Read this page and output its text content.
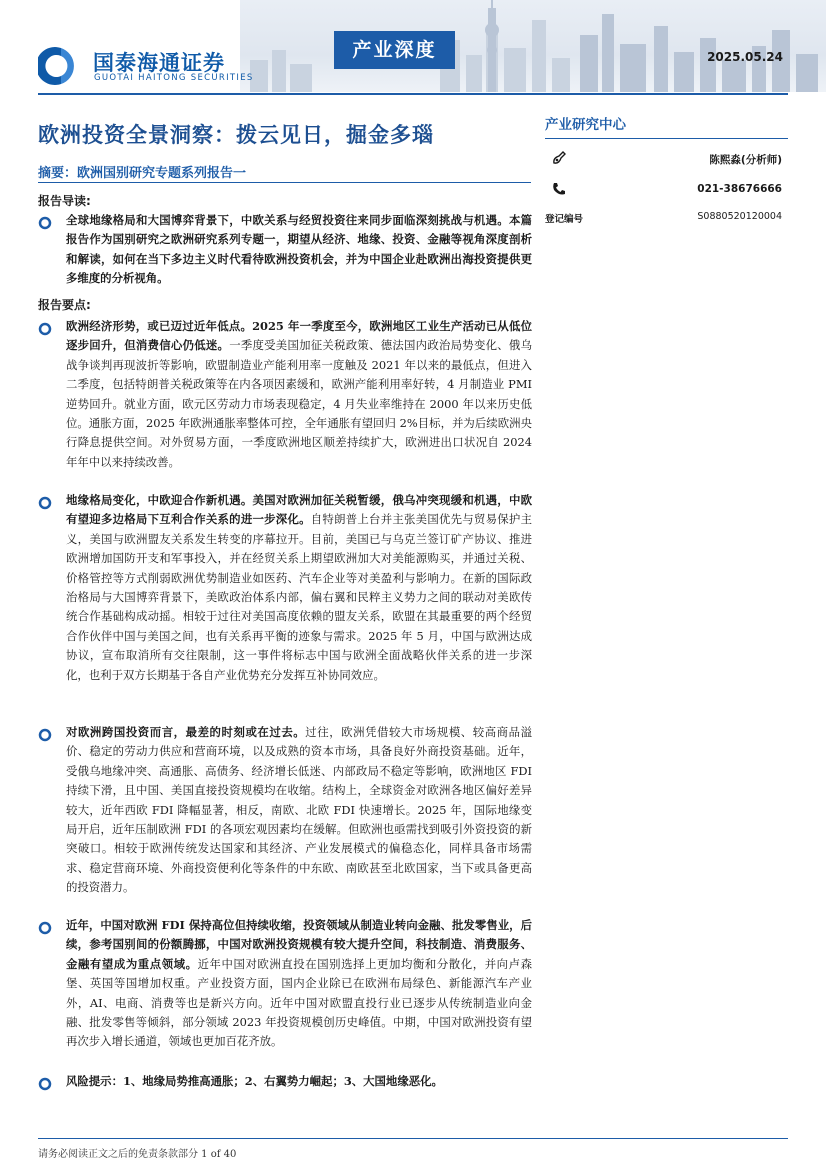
国泰海通证券
GUOTAI HAITONG SECURITIES
产业深度	2025.05.24
欧洲投资全景洞察：拨云见日，掘金多瑙
摘要：欧洲国别研究专题系列报告一
产业研究中心
陈熙淼(分析师)
021-38676666
登记编号	S0880520120004
报告导读:
全球地缘格局和大国博弈背景下，中欧关系与经贸投资往来同步面临深刻挑战与机遇。本篇报告作为国别研究之欧洲研究系列专题一，期望从经济、地缘、投资、金融等视角深度剖析和解读，如何在当下多边主义时代看待欧洲投资机会，并为中国企业赴欧洲出海投资提供更多维度的分析视角。
报告要点:
欧洲经济形势，或已迈过近年低点。2025 年一季度至今，欧洲地区工业生产活动已从低位逐步回升，但消费信心仍低迷。一季度受美国加征关税政策、德法国内政治局势变化、俄乌战争谈判再现波折等影响，欧盟制造业产能利用率一度触及 2021 年以来的最低点，但进入二季度，包括特朗普关税政策等在内各项因素缓和，欧洲产能利用率好转，4 月制造业 PMI 逆势回升。就业方面，欧元区劳动力市场表现稳定，4 月失业率维持在 2000 年以来历史低位。通胀方面，2025 年欧洲通胀率整体可控，全年通胀有望回归 2%目标，并为后续欧洲央行降息提供空间。对外贸易方面，一季度欧洲地区顺差持续扩大，欧洲进出口状况自 2024 年年中以来持续改善。
地缘格局变化，中欧迎合作新机遇。美国对欧洲加征关税暂缓，俄乌冲突现缓和机遇，中欧有望迎多边格局下互利合作关系的进一步深化。自特朗普上台并主张美国优先与贸易保护主义，美国与欧洲盟友关系发生转变的序幕拉开。目前，美国已与乌克兰签订矿产协议、推进欧洲增加国防开支和军事投入，并在经贸关系上期望欧洲加大对美能源购买，并通过关税、价格管控等方式削弱欧洲优势制造业如医药、汽车企业等对美盈利与影响力。在新的国际政治格局与大国博弈背景下，美欧政治体系内部，偏右翼和民粹主义势力之间的联动对美欧传统合作基础构成动摇。相较于过往对美国高度依赖的盟友关系，欧盟在其最重要的两个经贸合作伙伴中国与美国之间，也有关系再平衡的迹象与需求。2025 年 5 月，中国与欧洲达成协议，宣布取消所有交往限制，这一事件将标志中国与欧洲全面战略伙伴关系的进一步深化，也利于双方长期基于各自产业优势充分发挥互补协同效应。
对欧洲跨国投资而言，最差的时刻或在过去。过往，欧洲凭借较大市场规模、较高商品溢价、稳定的劳动力供应和营商环境，以及成熟的资本市场，具备良好外商投资基础。近年，受俄乌地缘冲突、高通胀、高债务、经济增长低迷、内部政局不稳定等影响，欧洲地区 FDI 持续下滑，且中国、美国直接投资规模均在收缩。结构上，全球资金对欧洲各地区偏好差异较大，近年西欧 FDI 降幅显著，相反，南欧、北欧 FDI 快速增长。2025 年，国际地缘变局开启，近年压制欧洲 FDI 的各项宏观因素均在缓解。但欧洲也亟需找到吸引外资投资的新突破口。相较于欧洲传统发达国家和其经济、产业发展模式的偏稳态化，同样具备市场需求、稳定营商环境、外商投资便利化等条件的中东欧、南欧甚至北欧国家，当下或具备更高的投资潜力。
近年，中国对欧洲 FDI 保持高位但持续收缩，投资领域从制造业转向金融、批发零售业，后续，参考国别间的份额腾挪，中国对欧洲投资规模有较大提升空间，科技制造、消费服务、金融有望成为重点领域。近年中国对欧洲直投在国别选择上更加均衡和分散化，并向卢森堡、英国等国增加权重。产业投资方面，国内企业除已在欧洲布局绿色、新能源汽车产业外，AI、电商、消费等也是新兴方向。近年中国对欧盟直投行业已逐步从传统制造业向金融、批发零售等倾斜，部分领域 2023 年投资规模创历史峰值。中期，中国对欧洲投资有望再次步入增长通道，领域也更加百花齐放。
风险提示：1、地缘局势推高通胀；2、右翼势力崛起；3、大国地缘恶化。
请务必阅读正文之后的免责条款部分 1 of 40
